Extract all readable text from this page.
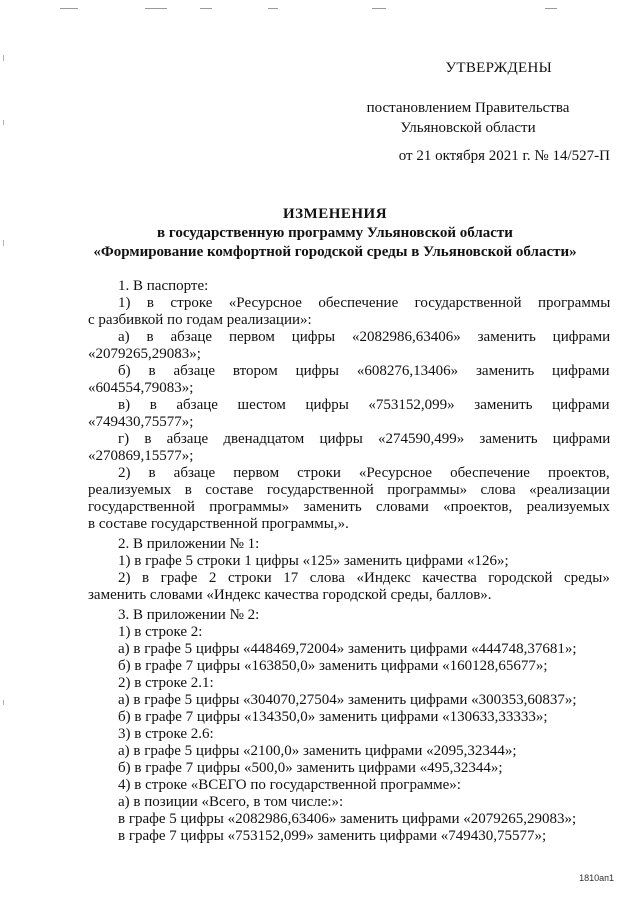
УТВЕРЖДЕНЫ
постановлением Правительства
Ульяновской области
от 21 октября 2021 г. № 14/527-П
ИЗМЕНЕНИЯ
в государственную программу Ульяновской области
«Формирование комфортной городской среды в Ульяновской области»
1. В паспорте:
1) в строке «Ресурсное обеспечение государственной программы
с разбивкой по годам реализации»:
а) в абзаце первом цифры «2082986,63406» заменить цифрами
«2079265,29083»;
б) в абзаце втором цифры «608276,13406» заменить цифрами
«604554,79083»;
в) в абзаце шестом цифры «753152,099» заменить цифрами
«749430,75577»;
г) в абзаце двенадцатом цифры «274590,499» заменить цифрами
«270869,15577»;
2) в абзаце первом строки «Ресурсное обеспечение проектов,
реализуемых в составе государственной программы» слова «реализации
государственной программы» заменить словами «проектов, реализуемых
в составе государственной программы,».
2. В приложении № 1:
1) в графе 5 строки 1 цифры «125» заменить цифрами «126»;
2) в графе 2 строки 17 слова «Индекс качества городской среды»
заменить словами «Индекс качества городской среды, баллов».
3. В приложении № 2:
1) в строке 2:
а) в графе 5 цифры «448469,72004» заменить цифрами «444748,37681»;
б) в графе 7 цифры «163850,0» заменить цифрами «160128,65677»;
2) в строке 2.1:
а) в графе 5 цифры «304070,27504» заменить цифрами «300353,60837»;
б) в графе 7 цифры «134350,0» заменить цифрами «130633,33333»;
3) в строке 2.6:
а) в графе 5 цифры «2100,0» заменить цифрами «2095,32344»;
б) в графе 7 цифры «500,0» заменить цифрами «495,32344»;
4) в строке «ВСЕГО по государственной программе»:
а) в позиции «Всего, в том числе:»:
в графе 5 цифры «2082986,63406» заменить цифрами «2079265,29083»;
в графе 7 цифры «753152,099» заменить цифрами «749430,75577»;
1810ап1
